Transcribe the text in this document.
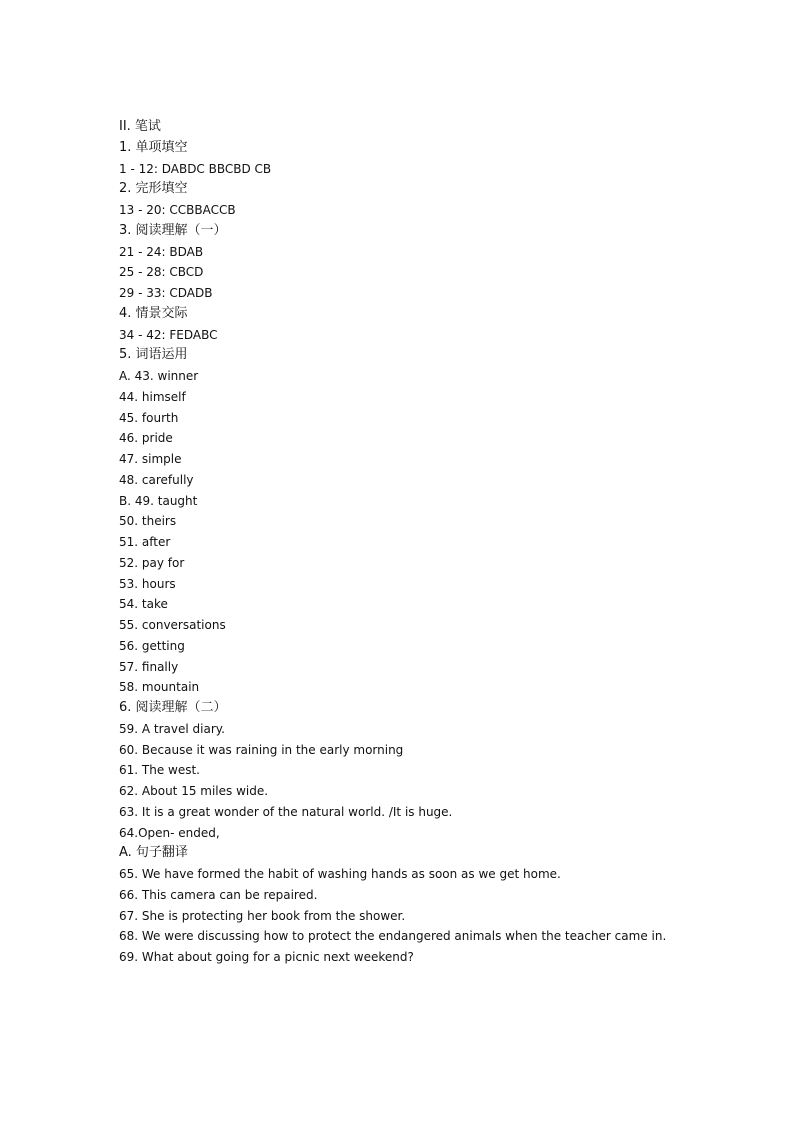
II. 笔试
1. 单项填空
1 - 12: DABDC BBCBD CB
2. 完形填空
13 - 20: CCBBACCB
3. 阅读理解（一）
21 - 24: BDAB
25 - 28: CBCD
29 - 33: CDADB
4. 情景交际
34 - 42: FEDABC
5. 词语运用
A. 43. winner
44. himself
45. fourth
46. pride
47. simple
48. carefully
B. 49. taught
50. theirs
51. after
52. pay for
53. hours
54. take
55. conversations
56. getting
57. finally
58. mountain
6. 阅读理解（二）
59. A travel diary.
60. Because it was raining in the early morning
61. The west.
62. About 15 miles wide.
63. It is a great wonder of the natural world. /It is huge.
64.Open- ended,
A. 句子翻译
65. We have formed the habit of washing hands as soon as we get home.
66. This camera can be repaired.
67. She is protecting her book from the shower.
68. We were discussing how to protect the endangered animals when the teacher came in.
69. What about going for a picnic next weekend?
